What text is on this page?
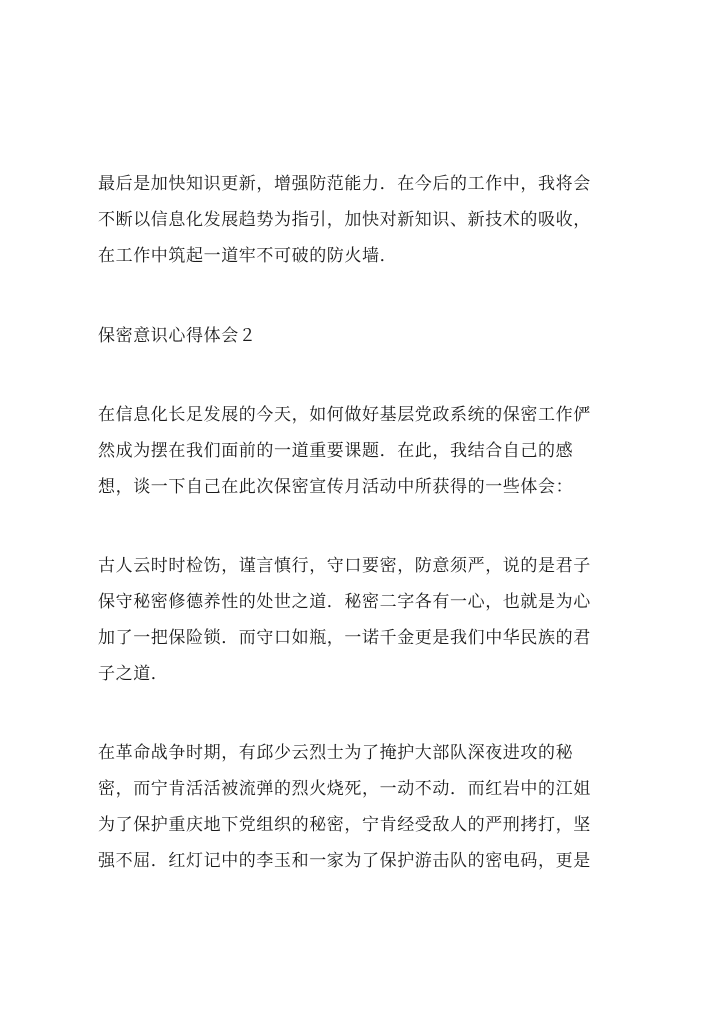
最后是加快知识更新，增强防范能力．在今后的工作中，我将会
不断以信息化发展趋势为指引，加快对新知识、新技术的吸收，
在工作中筑起一道牢不可破的防火墙．
保密意识心得体会２
在信息化长足发展的今天，如何做好基层党政系统的保密工作俨
然成为摆在我们面前的一道重要课题．在此，我结合自己的感
想，谈一下自己在此次保密宣传月活动中所获得的一些体会：
古人云时时检饬，谨言慎行，守口要密，防意须严，说的是君子
保守秘密修德养性的处世之道．秘密二字各有一心，也就是为心
加了一把保险锁．而守口如瓶，一诺千金更是我们中华民族的君
子之道．
在革命战争时期，有邱少云烈士为了掩护大部队深夜进攻的秘
密，而宁肯活活被流弹的烈火烧死，一动不动．而红岩中的江姐
为了保护重庆地下党组织的秘密，宁肯经受敌人的严刑拷打，坚
强不屈．红灯记中的李玉和一家为了保护游击队的密电码，更是
